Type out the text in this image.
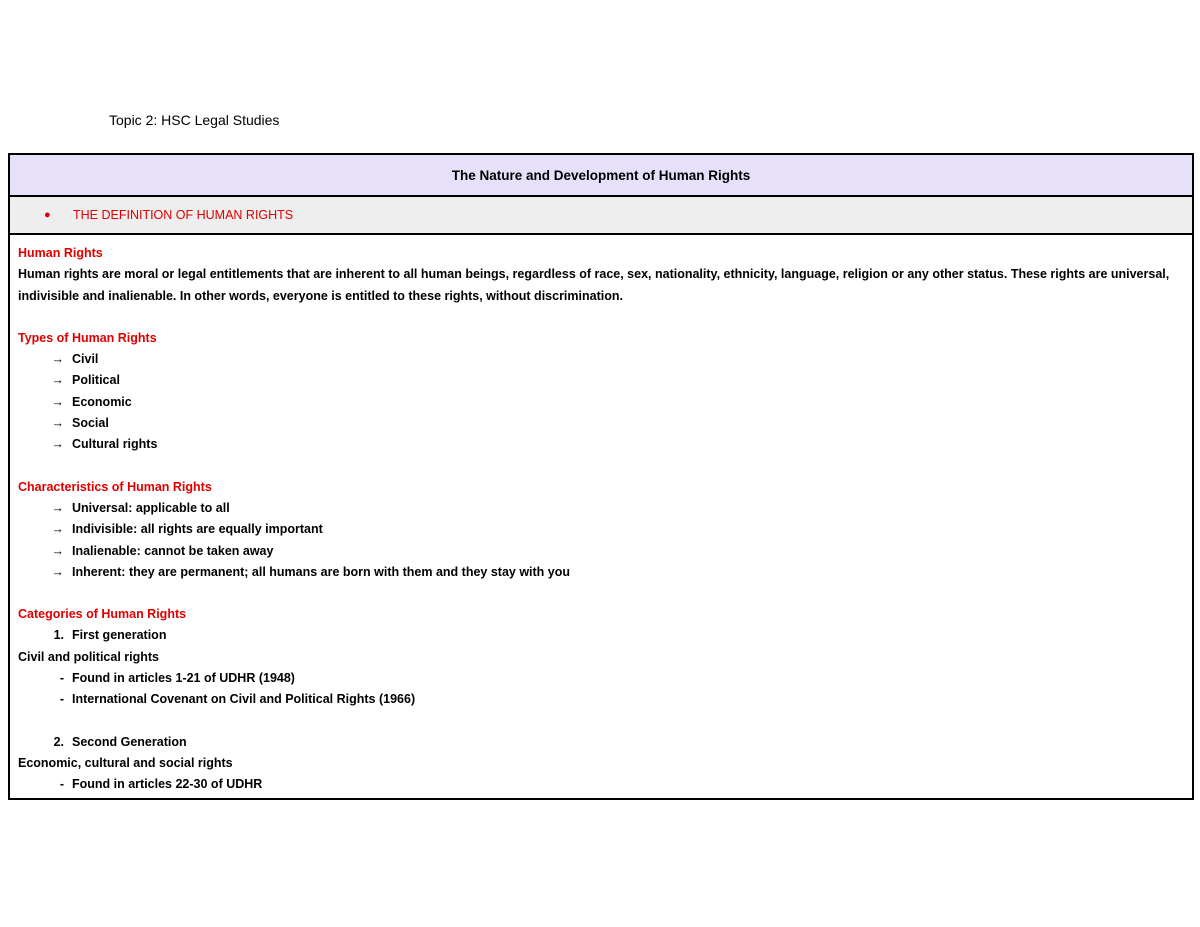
Topic 2: HSC Legal Studies
The Nature and Development of Human Rights
●	THE DEFINITION OF HUMAN RIGHTS
Human Rights
Human rights are moral or legal entitlements that are inherent to all human beings, regardless of race, sex, nationality, ethnicity, language, religion or any other status. These rights are universal, indivisible and inalienable. In other words, everyone is entitled to these rights, without discrimination.
Types of Human Rights
→ Civil
→ Political
→ Economic
→ Social
→ Cultural rights
Characteristics of Human Rights
→ Universal: applicable to all
→ Indivisible: all rights are equally important
→ Inalienable: cannot be taken away
→ Inherent: they are permanent; all humans are born with them and they stay with you
Categories of Human Rights
1. First generation
Civil and political rights
- Found in articles 1-21 of UDHR (1948)
- International Covenant on Civil and Political Rights (1966)
2. Second Generation
Economic, cultural and social rights
- Found in articles 22-30 of UDHR
